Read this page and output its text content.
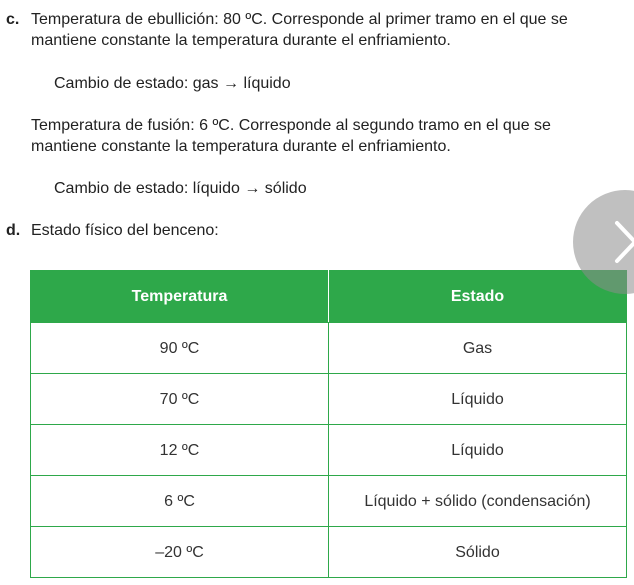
c. Temperatura de ebullición: 80 ºC. Corresponde al primer tramo en el que se
mantiene constante la temperatura durante el enfriamiento.
Cambio de estado: gas → líquido
Temperatura de fusión: 6 ºC. Corresponde al segundo tramo en el que se
mantiene constante la temperatura durante el enfriamiento.
Cambio de estado: líquido → sólido
d. Estado físico del benceno:
Temperatura	Estado
90 ºC	Gas
70 ºC	Líquido
12 ºC	Líquido
6 ºC	Líquido + sólido (condensación)
–20 ºC	Sólido
